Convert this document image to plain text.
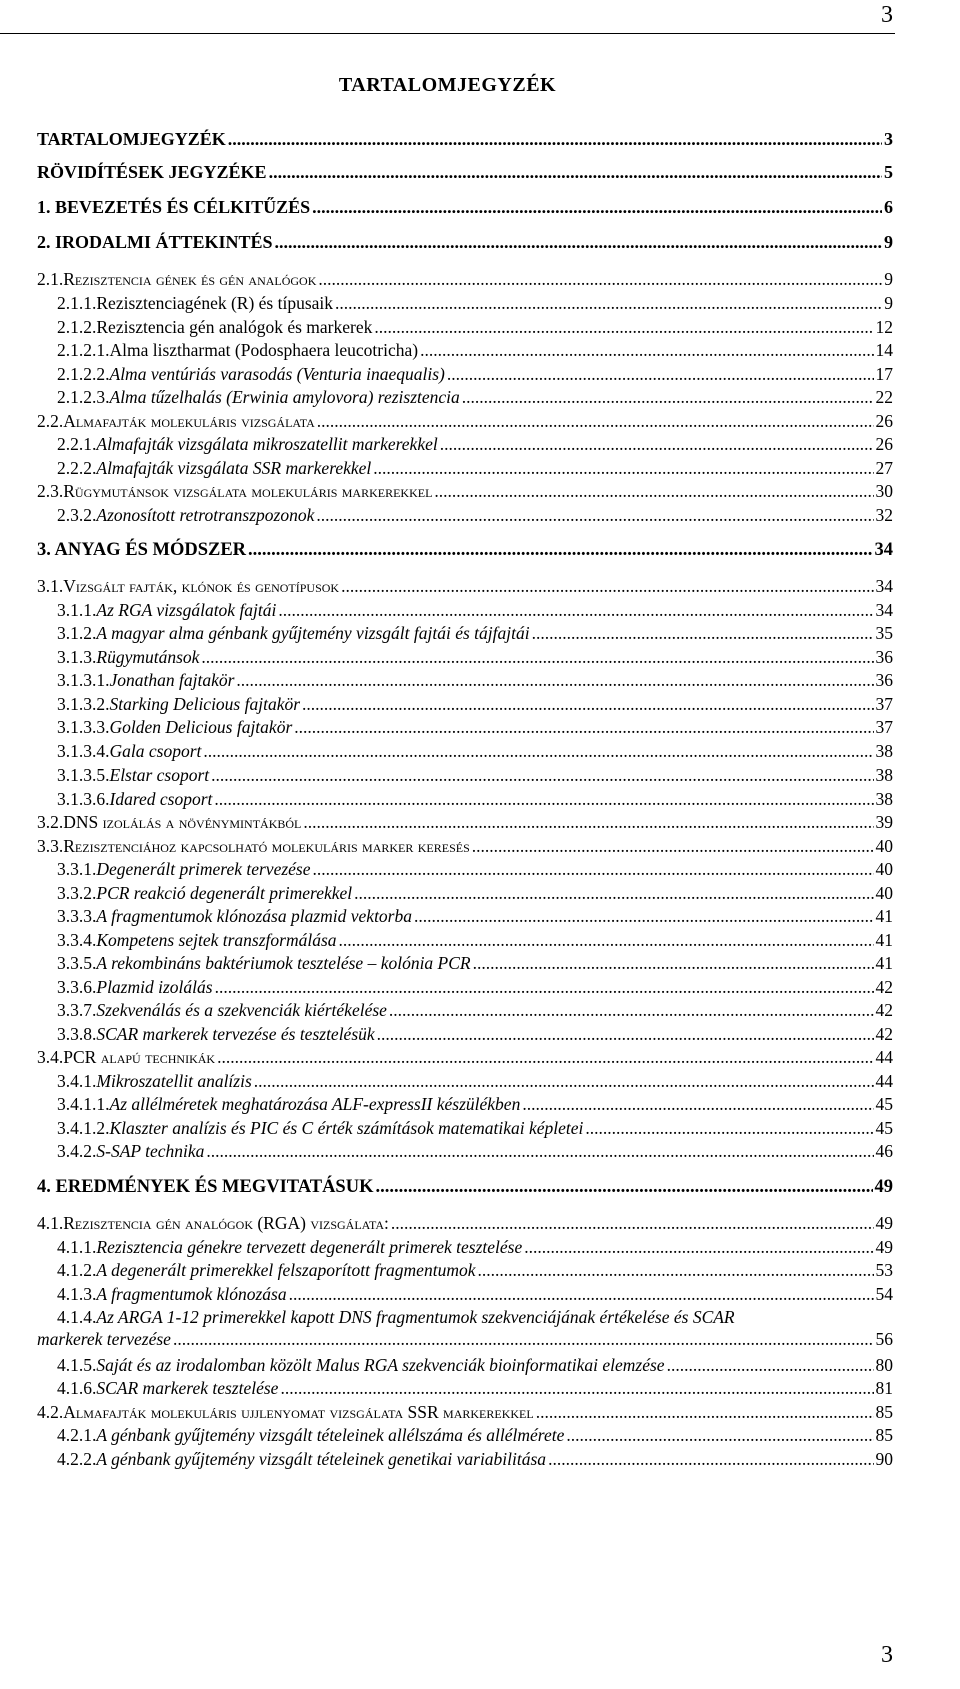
3
TARTALOMJEGYZÉK
TARTALOMJEGYZÉK .....	3
RÖVIDÍTÉSEK JEGYZÉKE .....	5
1. BEVEZETÉS ÉS CÉLKITŰZÉS .....	6
2. IRODALMI ÁTTEKINTÉS .....	9
2.1. Rezisztencia gének és gén analógok .....	9
2.1.1. Rezisztenciagének (R) és típusaik .....	9
2.1.2. Rezisztencia gén analógok és markerek .....	12
2.1.2.1. Alma lisztharmat (Podosphaera leucotricha) .....	14
2.1.2.2. Alma ventúriás varasodás (Venturia inaequalis) .....	17
2.1.2.3. Alma tűzelhalás (Erwinia amylovora) rezisztencia .....	22
2.2. Almafajták molekuláris vizsgálata .....	26
2.2.1. Almafajták vizsgálata mikroszatellit markerekkel .....	26
2.2.2. Almafajták vizsgálata SSR markerekkel .....	27
2.3. Rügymutánsok vizsgálata molekuláris markerekkel .....	30
2.3.2. Azonosított retrotranszpozonok .....	32
3. ANYAG ÉS MÓDSZER .....	34
3.1. Vizsgált fajták, klónok és genotípusok .....	34
3.1.1. Az RGA vizsgálatok fajtái .....	34
3.1.2. A magyar alma génbank gyűjtemény vizsgált fajtái és tájfajtái .....	35
3.1.3. Rügymutánsok .....	36
3.1.3.1. Jonathan fajtakör .....	36
3.1.3.2. Starking Delicious fajtakör .....	37
3.1.3.3. Golden Delicious fajtakör .....	37
3.1.3.4. Gala csoport .....	38
3.1.3.5. Elstar csoport .....	38
3.1.3.6. Idared csoport .....	38
3.2. DNS izolálás a növénymintákból .....	39
3.3. Rezisztenciához kapcsolható molekuláris marker keresés .....	40
3.3.1. Degenerált primerek tervezése .....	40
3.3.2. PCR reakció degenerált primerekkel .....	40
3.3.3. A fragmentumok klónozása plazmid vektorba .....	41
3.3.4. Kompetens sejtek transzformálása .....	41
3.3.5. A rekombináns baktériumok tesztelése – kolónia PCR .....	41
3.3.6. Plazmid izolálás .....	42
3.3.7. Szekvenálás és a szekvenciák kiértékelése .....	42
3.3.8. SCAR markerek tervezése és tesztelésük .....	42
3.4. PCR alapú technikák .....	44
3.4.1. Mikroszatellit analízis .....	44
3.4.1.1. Az allélméretek meghatározása ALF-expressII készülékben .....	45
3.4.1.2. Klaszter analízis és PIC és C érték számítások matematikai képletei .....	45
3.4.2. S-SAP technika .....	46
4. EREDMÉNYEK ÉS MEGVITATÁSUK .....	49
4.1. Rezisztencia gén analógok (RGA) vizsgálata: .....	49
4.1.1. Rezisztencia génekre tervezett degenerált primerek tesztelése .....	49
4.1.2. A degenerált primerekkel felszaporított fragmentumok .....	53
4.1.3. A fragmentumok klónozása .....	54
4.1.4. Az ARGA 1-12 primerekkel kapott DNS fragmentumok szekvenciájának értékelése és SCAR
markerek tervezése .....	56
4.1.5. Saját és az irodalomban közölt Malus RGA szekvenciák bioinformatikai elemzése .....	80
4.1.6. SCAR markerek tesztelése .....	81
4.2. Almafajták molekuláris ujjlenyomat vizsgálata SSR markerekkel .....	85
4.2.1. A génbank gyűjtemény vizsgált tételeinek allélszáma és allélmérete .....	85
4.2.2. A génbank gyűjtemény vizsgált tételeinek genetikai variabilitása .....	90
3
